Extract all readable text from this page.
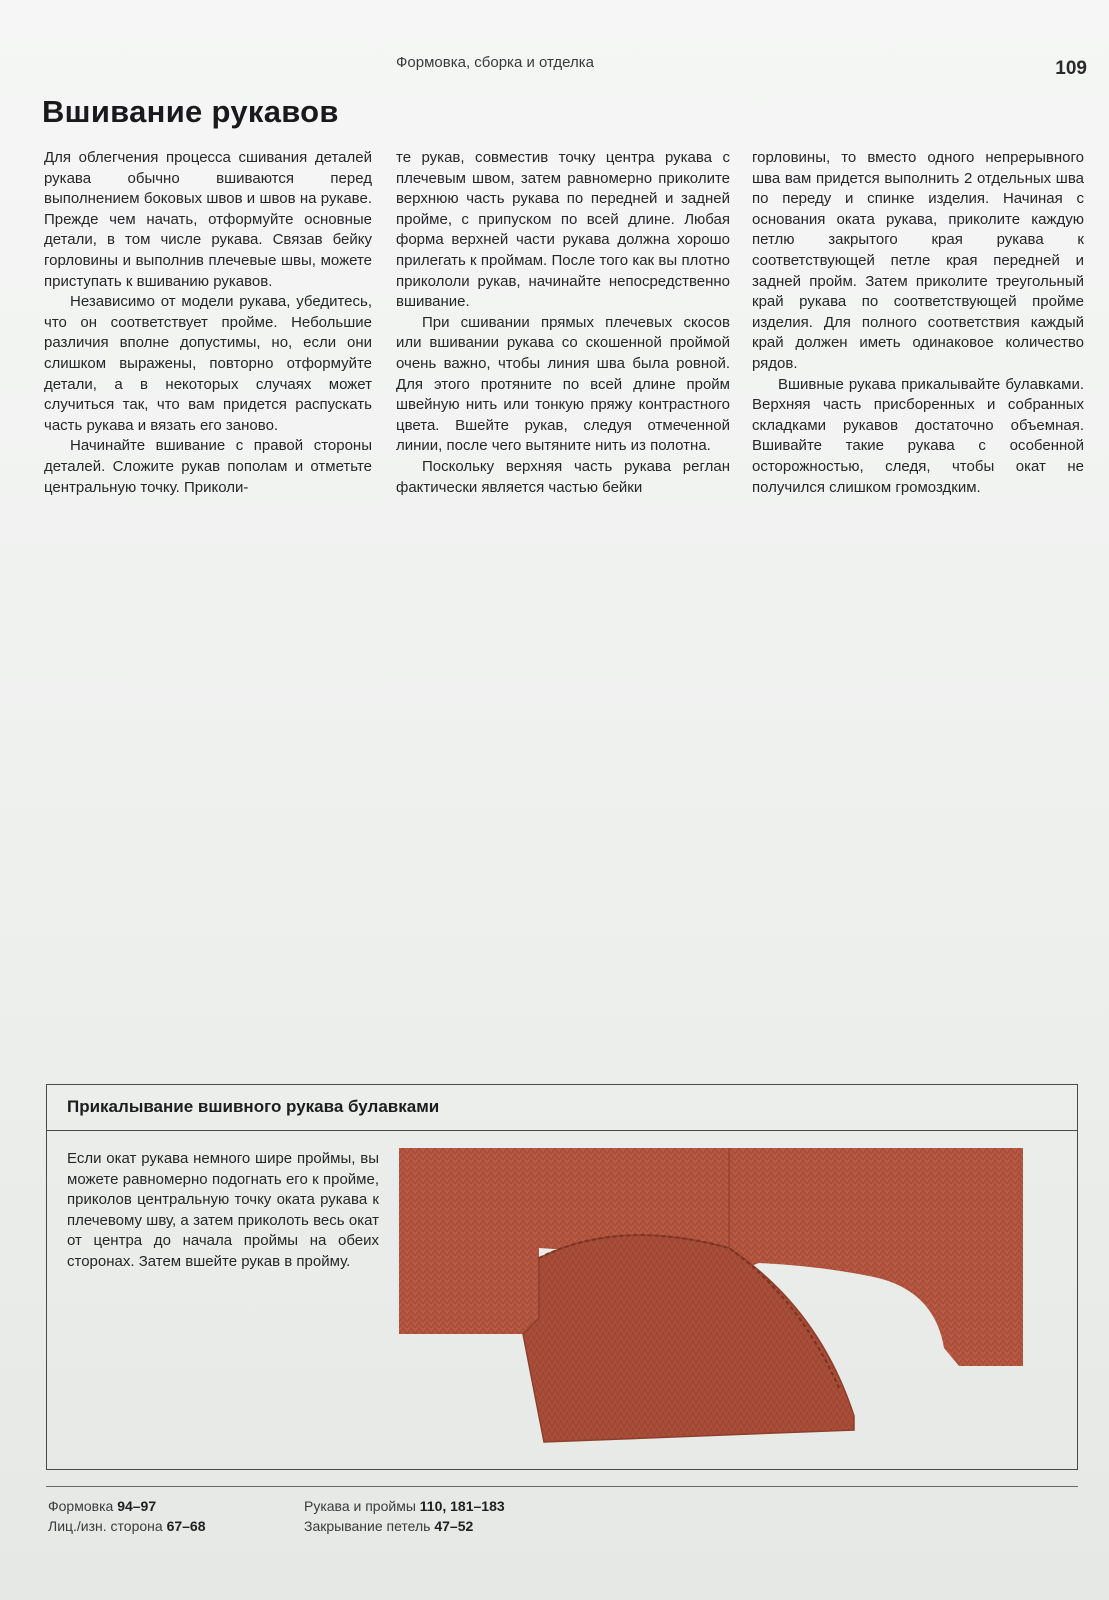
Формовка, сборка и отделка	109
Вшивание рукавов

Для облегчения процесса сшивания деталей рукава обычно вшиваются перед выполнением боковых швов и швов на рукаве. Прежде чем начать, отформуйте основные детали, в том числе рукава. Связав бейку горловины и выполнив плечевые швы, можете приступать к вшиванию рукавов.

Независимо от модели рукава, убедитесь, что он соответствует пройме. Небольшие различия вполне допустимы, но, если они слишком выражены, повторно отформуйте детали, а в некоторых случаях может случиться так, что вам придется распускать часть рукава и вязать его заново.

Начинайте вшивание с правой стороны деталей. Сложите рукав пополам и отметьте центральную точку. Приколи-

те рукав, совместив точку центра рукава с плечевым швом, затем равномерно приколите верхнюю часть рукава по передней и задней пройме, с припуском по всей длине. Любая форма верхней части рукава должна хорошо прилегать к проймам. После того как вы плотно прикололи рукав, начинайте непосредственно вшивание.

При сшивании прямых плечевых скосов или вшивании рукава со скошенной проймой очень важно, чтобы линия шва была ровной. Для этого протяните по всей длине пройм швейную нить или тонкую пряжу контрастного цвета. Вшейте рукав, следуя отмеченной линии, после чего вытяните нить из полотна.

Поскольку верхняя часть рукава реглан фактически является частью бейки

горловины, то вместо одного непрерывного шва вам придется выполнить 2 отдельных шва по переду и спинке изделия. Начиная с основания оката рукава, приколите каждую петлю закрытого края рукава к соответствующей петле края передней и задней пройм. Затем приколите треугольный край рукава по соответствующей пройме изделия. Для полного соответствия каждый край должен иметь одинаковое количество рядов.

Вшивные рукава прикалывайте булавками. Верхняя часть присборенных и собранных складками рукавов достаточно объемная. Вшивайте такие рукава с особенной осторожностью, следя, чтобы окат не получился слишком громоздким.

Прикалывание вшивного рукава булавками
Если окат рукава немного шире проймы, вы можете равномерно подогнать его к пройме, приколов центральную точку оката рукава к плечевому шву, а затем приколоть весь окат от центра до начала проймы на обеих сторонах. Затем вшейте рукав в пройму.
Формовка 94–97
Лиц./изн. сторона 67–68
Рукава и проймы 110, 181–183
Закрывание петель 47–52
